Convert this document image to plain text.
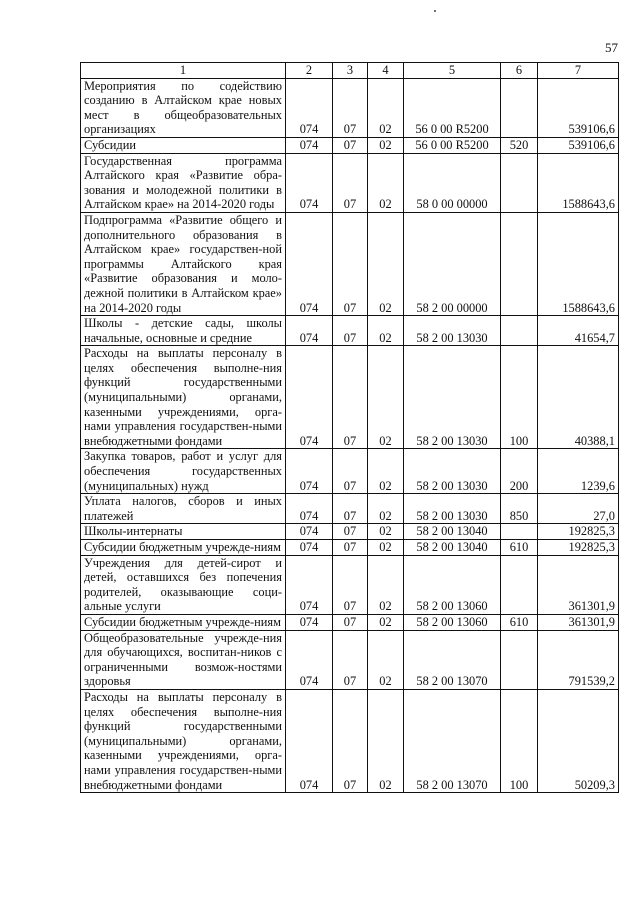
57
1	2	3	4	5	6	7
Мероприятия по содействию созданию в Алтайском крае новых мест в общеобразовательных организациях	074	07	02	56 0 00 R5200		539106,6
Субсидии	074	07	02	56 0 00 R5200	520	539106,6
Государственная программа Алтайского края «Развитие обра-зования и молодежной политики в Алтайском крае» на 2014-2020 годы	074	07	02	58 0 00 00000		1588643,6
Подпрограмма «Развитие общего и дополнительного образования в Алтайском крае» государствен-ной программы Алтайского края «Развитие образования и моло-дежной политики в Алтайском крае» на 2014-2020 годы	074	07	02	58 2 00 00000		1588643,6
Школы - детские сады, школы начальные, основные и средние	074	07	02	58 2 00 13030		41654,7
Расходы на выплаты персоналу в целях обеспечения выполне-ния функций государственными (муниципальными) органами, казенными учреждениями, орга-нами управления государствен-ными внебюджетными фондами	074	07	02	58 2 00 13030	100	40388,1
Закупка товаров, работ и услуг для обеспечения государственных (муниципальных) нужд	074	07	02	58 2 00 13030	200	1239,6
Уплата налогов, сборов и иных платежей	074	07	02	58 2 00 13030	850	27,0
Школы-интернаты	074	07	02	58 2 00 13040		192825,3
Субсидии бюджетным учрежде-ниям	074	07	02	58 2 00 13040	610	192825,3
Учреждения для детей-сирот и детей, оставшихся без попечения родителей, оказывающие соци-альные услуги	074	07	02	58 2 00 13060		361301,9
Субсидии бюджетным учрежде-ниям	074	07	02	58 2 00 13060	610	361301,9
Общеобразовательные учрежде-ния для обучающихся, воспитан-ников с ограниченными возмож-ностями здоровья	074	07	02	58 2 00 13070		791539,2
Расходы на выплаты персоналу в целях обеспечения выполне-ния функций государственными (муниципальными) органами, казенными учреждениями, орга-нами управления государствен-ными внебюджетными фондами	074	07	02	58 2 00 13070	100	50209,3
